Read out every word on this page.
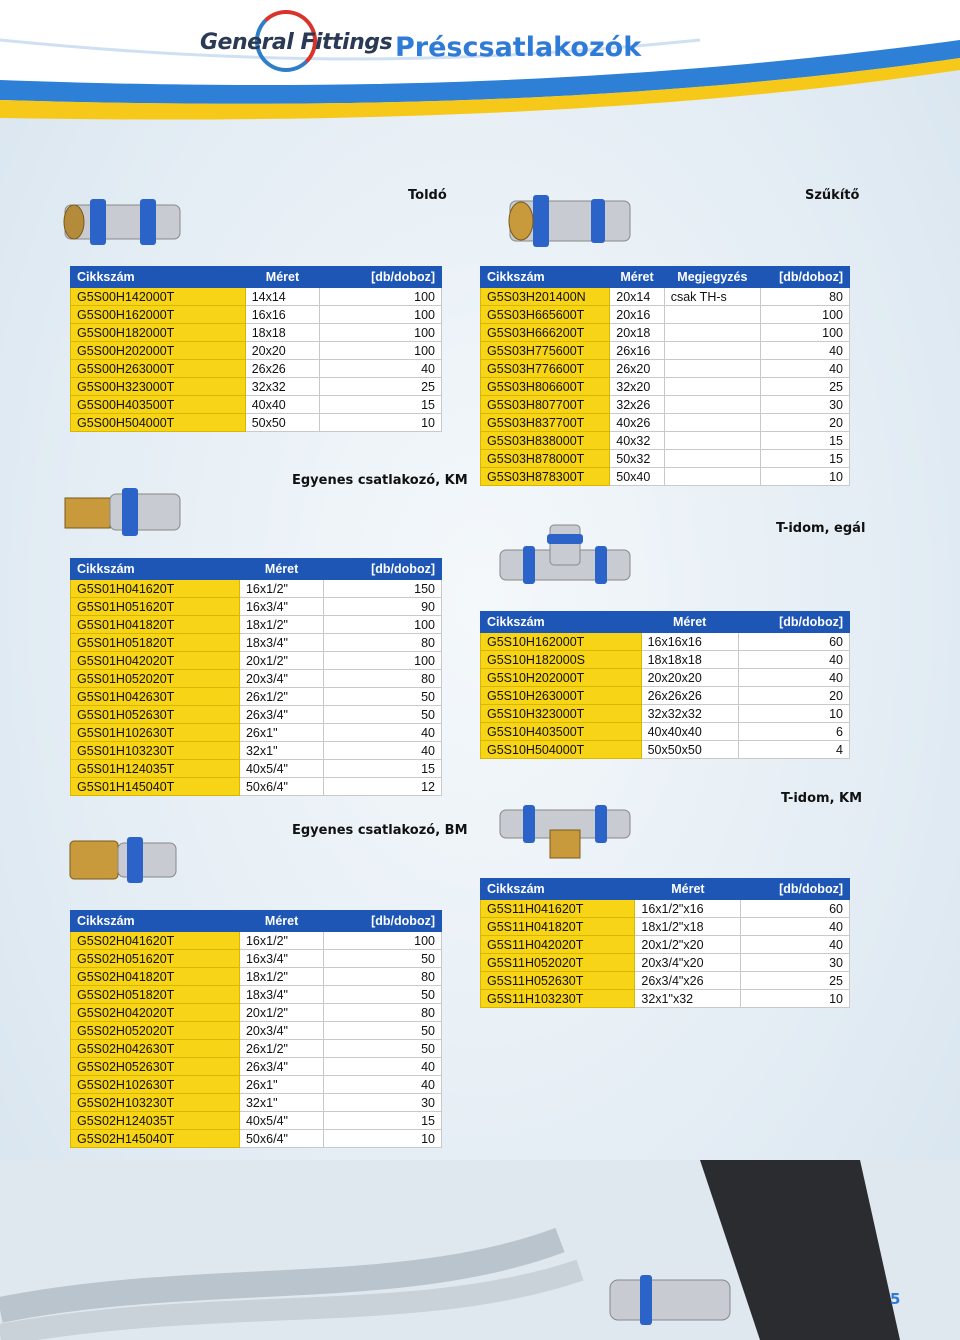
General Fittings Préscsatlakozók
Toldó	Szűkítő
Egyenes csatlakozó, KM
T-idom, egál
Egyenes csatlakozó, BM
T-idom, KM
Cikkszám	Méret	[db/doboz]
G5S00H142000T	14x14	100
G5S00H162000T	16x16	100
G5S00H182000T	18x18	100
G5S00H202000T	20x20	100
G5S00H263000T	26x26	40
G5S00H323000T	32x32	25
G5S00H403500T	40x40	15
G5S00H504000T	50x50	10
Cikkszám	Méret	Megjegyzés	[db/doboz]
G5S03H201400N	20x14	csak TH-s	80
G5S03H665600T	20x16		100
G5S03H666200T	20x18		100
G5S03H775600T	26x16		40
G5S03H776600T	26x20		40
G5S03H806600T	32x20		25
G5S03H807700T	32x26		30
G5S03H837700T	40x26		20
G5S03H838000T	40x32		15
G5S03H878000T	50x32		15
G5S03H878300T	50x40		10
Cikkszám	Méret	[db/doboz]
G5S01H041620T	16x1/2"	150
G5S01H051620T	16x3/4"	90
G5S01H041820T	18x1/2"	100
G5S01H051820T	18x3/4"	80
G5S01H042020T	20x1/2"	100
G5S01H052020T	20x3/4"	80
G5S01H042630T	26x1/2"	50
G5S01H052630T	26x3/4"	50
G5S01H102630T	26x1"	40
G5S01H103230T	32x1"	40
G5S01H124035T	40x5/4"	15
G5S01H145040T	50x6/4"	12
Cikkszám	Méret	[db/doboz]
G5S10H162000T	16x16x16	60
G5S10H182000S	18x18x18	40
G5S10H202000T	20x20x20	40
G5S10H263000T	26x26x26	20
G5S10H323000T	32x32x32	10
G5S10H403500T	40x40x40	6
G5S10H504000T	50x50x50	4
Cikkszám	Méret	[db/doboz]
G5S02H041620T	16x1/2"	100
G5S02H051620T	16x3/4"	50
G5S02H041820T	18x1/2"	80
G5S02H051820T	18x3/4"	50
G5S02H042020T	20x1/2"	80
G5S02H052020T	20x3/4"	50
G5S02H042630T	26x1/2"	50
G5S02H052630T	26x3/4"	40
G5S02H102630T	26x1"	40
G5S02H103230T	32x1"	30
G5S02H124035T	40x5/4"	15
G5S02H145040T	50x6/4"	10
Cikkszám	Méret	[db/doboz]
G5S11H041620T	16x1/2"x16	60
G5S11H041820T	18x1/2"x18	40
G5S11H042020T	20x1/2"x20	40
G5S11H052020T	20x3/4"x20	30
G5S11H052630T	26x3/4"x26	25
G5S11H103230T	32x1"x32	10
5
